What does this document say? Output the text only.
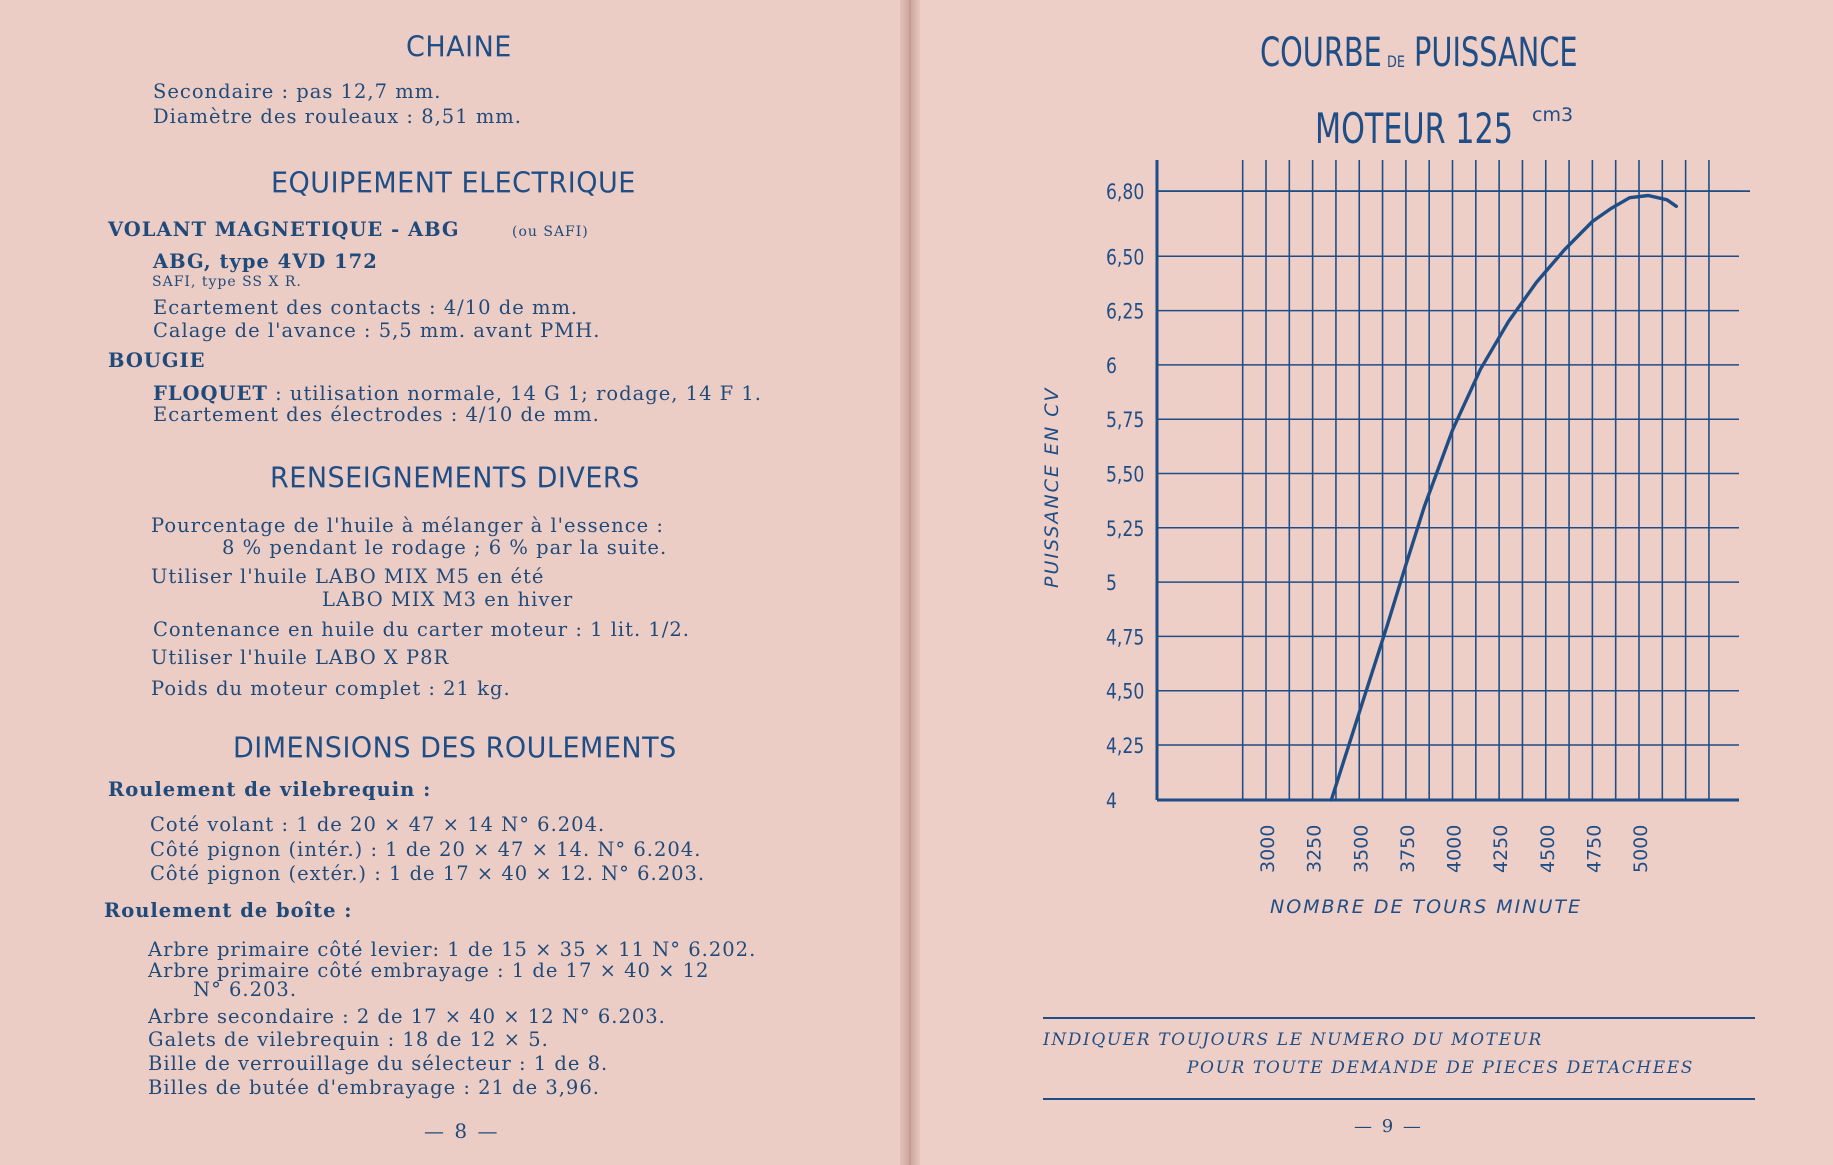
CHAINE
Secondaire : pas 12,7 mm.
Diamètre des rouleaux : 8,51 mm.
EQUIPEMENT ELECTRIQUE
VOLANT MAGNETIQUE - ABG	(ou SAFI)
ABG, type 4VD 172
SAFI, type SS X R.
Ecartement des contacts : 4/10 de mm.
Calage de l'avance : 5,5 mm. avant PMH.
BOUGIE
FLOQUET : utilisation normale, 14 G 1; rodage, 14 F 1.
Ecartement des électrodes : 4/10 de mm.
RENSEIGNEMENTS DIVERS
Pourcentage de l'huile à mélanger à l'essence :
8 % pendant le rodage ; 6 % par la suite.
Utiliser l'huile LABO MIX M5 en été
LABO MIX M3 en hiver
Contenance en huile du carter moteur : 1 lit. 1/2.
Utiliser l'huile LABO X P8R
Poids du moteur complet : 21 kg.
DIMENSIONS DES ROULEMENTS
Roulement de vilebrequin :
Coté volant : 1 de 20 × 47 × 14 N° 6.204.
Côté pignon (intér.) : 1 de 20 × 47 × 14. N° 6.204.
Côté pignon (extér.) : 1 de 17 × 40 × 12. N° 6.203.
Roulement de boîte :
Arbre primaire côté levier: 1 de 15 × 35 × 11 N° 6.202.
Arbre primaire côté embrayage : 1 de 17 × 40 × 12
N° 6.203.
Arbre secondaire : 2 de 17 × 40 × 12 N° 6.203.
Galets de vilebrequin : 18 de 12 × 5.
Bille de verrouillage du sélecteur : 1 de 8.
Billes de butée d'embrayage : 21 de 3,96.
— 8 —
COURBE DE PUISSANCE
MOTEUR 125 cm3
4
4,25
4,50
4,75
5
5,25
5,50
5,75
6
6,25
6,50
6,80
3000 3250 3500 3750 4000 4250 4500 4750 5000
PUISSANCE EN CV
NOMBRE DE TOURS MINUTE
INDIQUER TOUJOURS LE NUMERO DU MOTEUR
POUR TOUTE DEMANDE DE PIECES DETACHEES
— 9 —
